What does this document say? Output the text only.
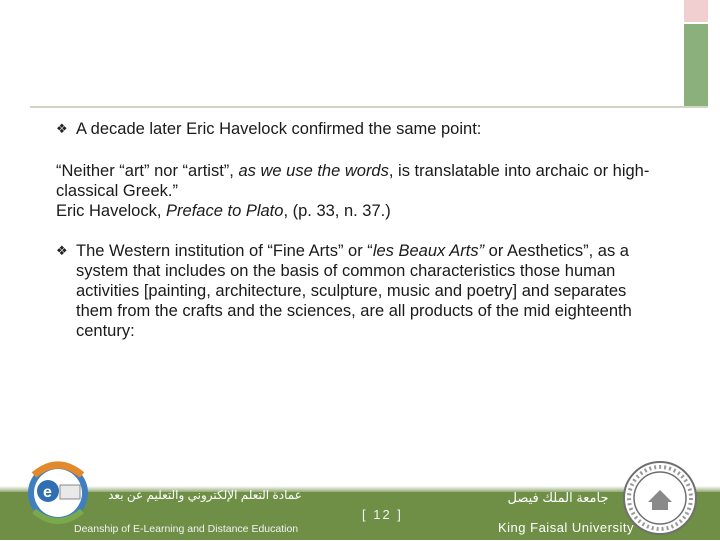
❖ A decade later Eric Havelock confirmed the same point:
“Neither “art” nor “artist”, as we use the words, is translatable into archaic or high-classical Greek.”
Eric Havelock, Preface to Plato, (p. 33, n. 37.)
❖ The Western institution of “Fine Arts” or “les Beaux Arts” or Aesthetics”, as a system that includes on the basis of common characteristics those human activities [painting, architecture, sculpture, music and poetry] and separates them from the crafts and the sciences, are all products of the mid eighteenth century:
e	عمادة التعلم الإلكتروني والتعليم عن بعد
Deanship of E-Learning and Distance Education
[ 12 ]
جامعة الملك فيصل
King Faisal University
